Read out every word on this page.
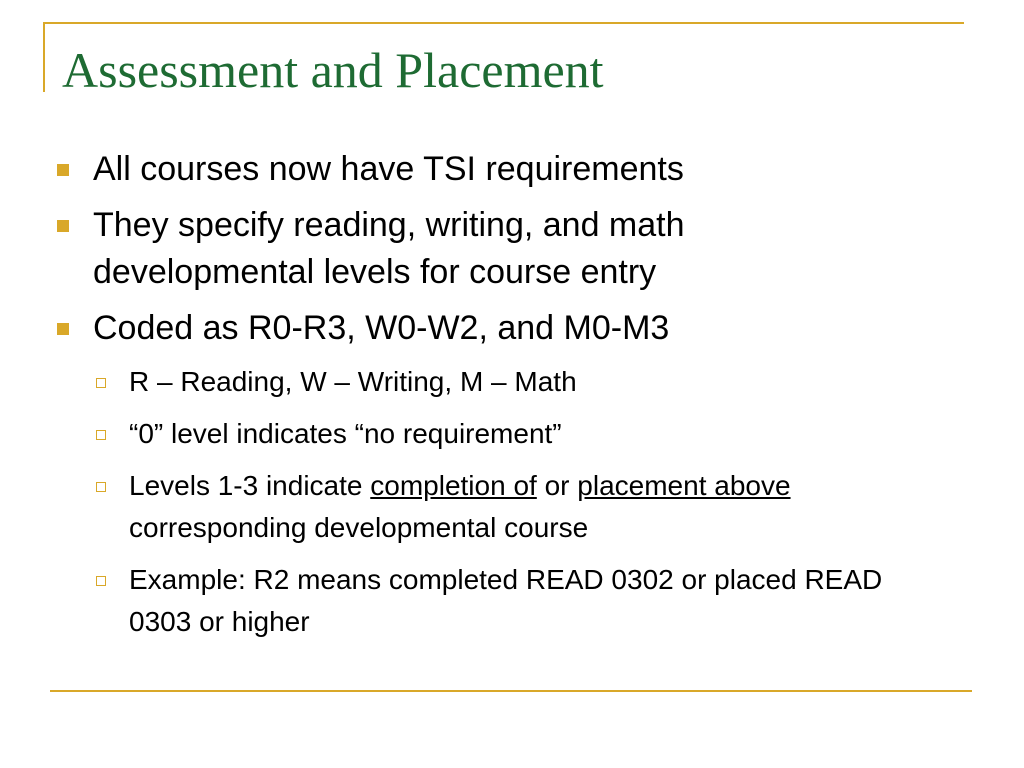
Assessment and Placement
All courses now have TSI requirements
They specify reading, writing, and math developmental levels for course entry
Coded as R0-R3, W0-W2, and M0-M3
R – Reading, W – Writing, M – Math
“0” level indicates “no requirement”
Levels 1-3 indicate completion of or placement above corresponding developmental course
Example: R2 means completed READ 0302 or placed READ 0303 or higher
